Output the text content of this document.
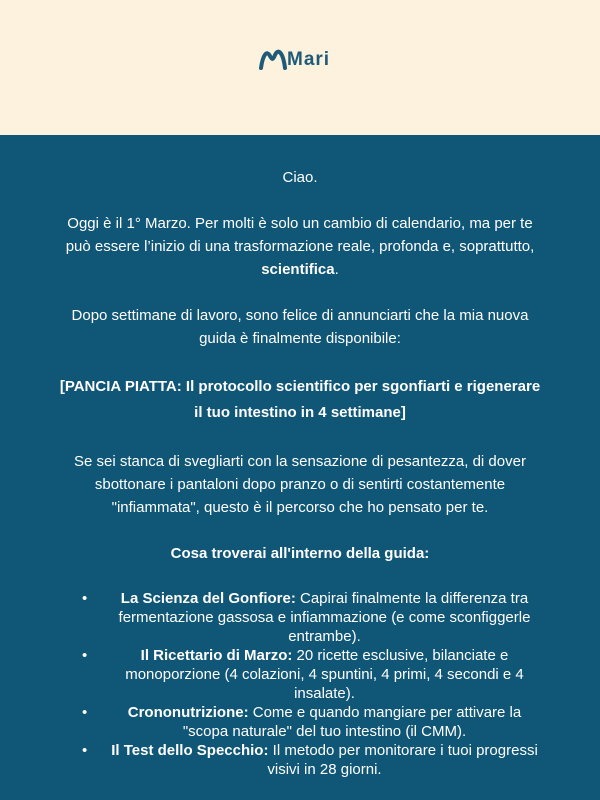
Mari

Ciao.

Oggi è il 1° Marzo. Per molti è solo un cambio di calendario, ma per te può essere l’inizio di una trasformazione reale, profonda e, soprattutto, scientifica.

Dopo settimane di lavoro, sono felice di annunciarti che la mia nuova guida è finalmente disponibile:

[PANCIA PIATTA: Il protocollo scientifico per sgonfiarti e rigenerare il tuo intestino in 4 settimane]

Se sei stanca di svegliarti con la sensazione di pesantezza, di dover sbottonare i pantaloni dopo pranzo o di sentirti costantemente "infiammata", questo è il percorso che ho pensato per te.

Cosa troverai all'interno della guida:

•	La Scienza del Gonfiore: Capirai finalmente la differenza tra fermentazione gassosa e infiammazione (e come sconfiggerle entrambe).
•	Il Ricettario di Marzo: 20 ricette esclusive, bilanciate e monoporzione (4 colazioni, 4 spuntini, 4 primi, 4 secondi e 4 insalate).
•	Crononutrizione: Come e quando mangiare per attivare la "scopa naturale" del tuo intestino (il CMM).
•	Il Test dello Specchio: Il metodo per monitorare i tuoi progressi visivi in 28 giorni.
